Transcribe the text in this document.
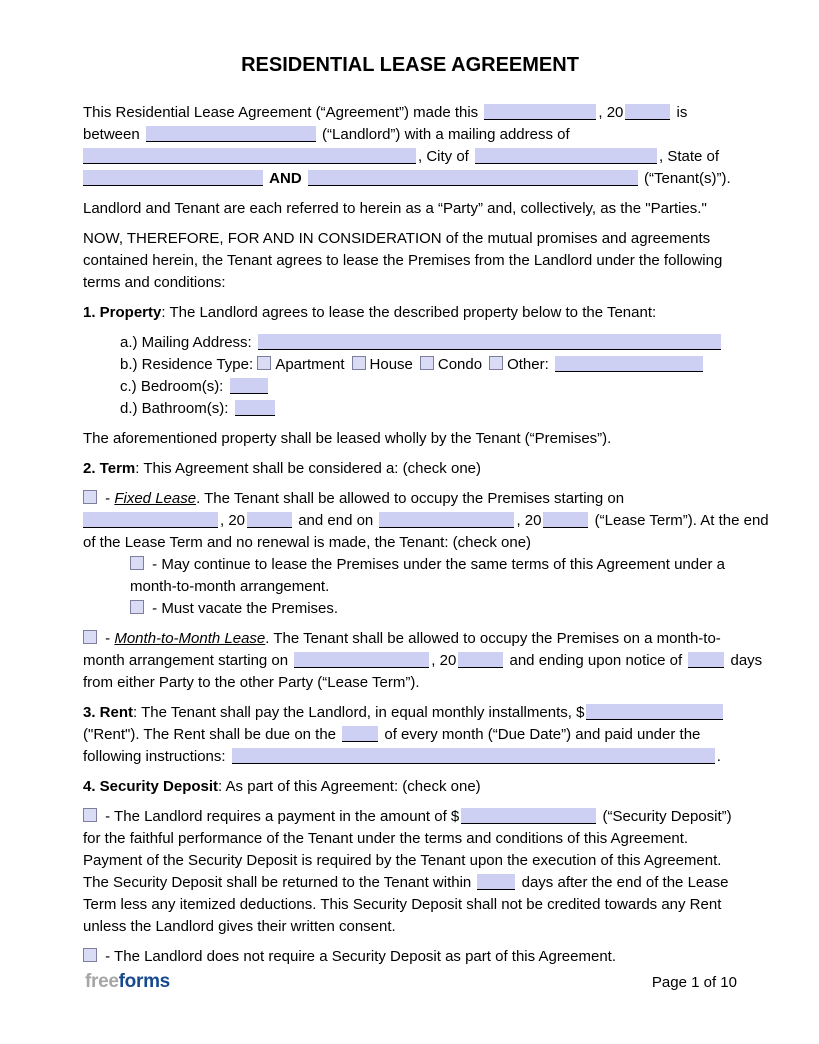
RESIDENTIAL LEASE AGREEMENT
This Residential Lease Agreement (“Agreement”) made this	, 20	is
between	(“Landlord”) with a mailing address of
, City of	, State of
AND	(“Tenant(s)”).
Landlord and Tenant are each referred to herein as a “Party” and, collectively, as the "Parties."
NOW, THEREFORE, FOR AND IN CONSIDERATION of the mutual promises and agreements
contained herein, the Tenant agrees to lease the Premises from the Landlord under the following
terms and conditions:
1. Property: The Landlord agrees to lease the described property below to the Tenant:
a.) Mailing Address:
b.) Residence Type: Apartment House Condo Other:
c.) Bedroom(s):
d.) Bathroom(s):
The aforementioned property shall be leased wholly by the Tenant (“Premises”).
2. Term: This Agreement shall be considered a: (check one)
- Fixed Lease. The Tenant shall be allowed to occupy the Premises starting on
, 20	and end on	, 20	(“Lease Term”). At the end
of the Lease Term and no renewal is made, the Tenant: (check one)
- May continue to lease the Premises under the same terms of this Agreement under a
month-to-month arrangement.
- Must vacate the Premises.
- Month-to-Month Lease. The Tenant shall be allowed to occupy the Premises on a month-to-
month arrangement starting on	, 20	and ending upon notice of	days
from either Party to the other Party (“Lease Term”).
3. Rent: The Tenant shall pay the Landlord, in equal monthly installments, $
("Rent"). The Rent shall be due on the	of every month (“Due Date”) and paid under the
following instructions:	.
4. Security Deposit: As part of this Agreement: (check one)
- The Landlord requires a payment in the amount of $	(“Security Deposit”)
for the faithful performance of the Tenant under the terms and conditions of this Agreement.
Payment of the Security Deposit is required by the Tenant upon the execution of this Agreement.
The Security Deposit shall be returned to the Tenant within	days after the end of the Lease
Term less any itemized deductions. This Security Deposit shall not be credited towards any Rent
unless the Landlord gives their written consent.
- The Landlord does not require a Security Deposit as part of this Agreement.
freeforms	Page 1 of 10
